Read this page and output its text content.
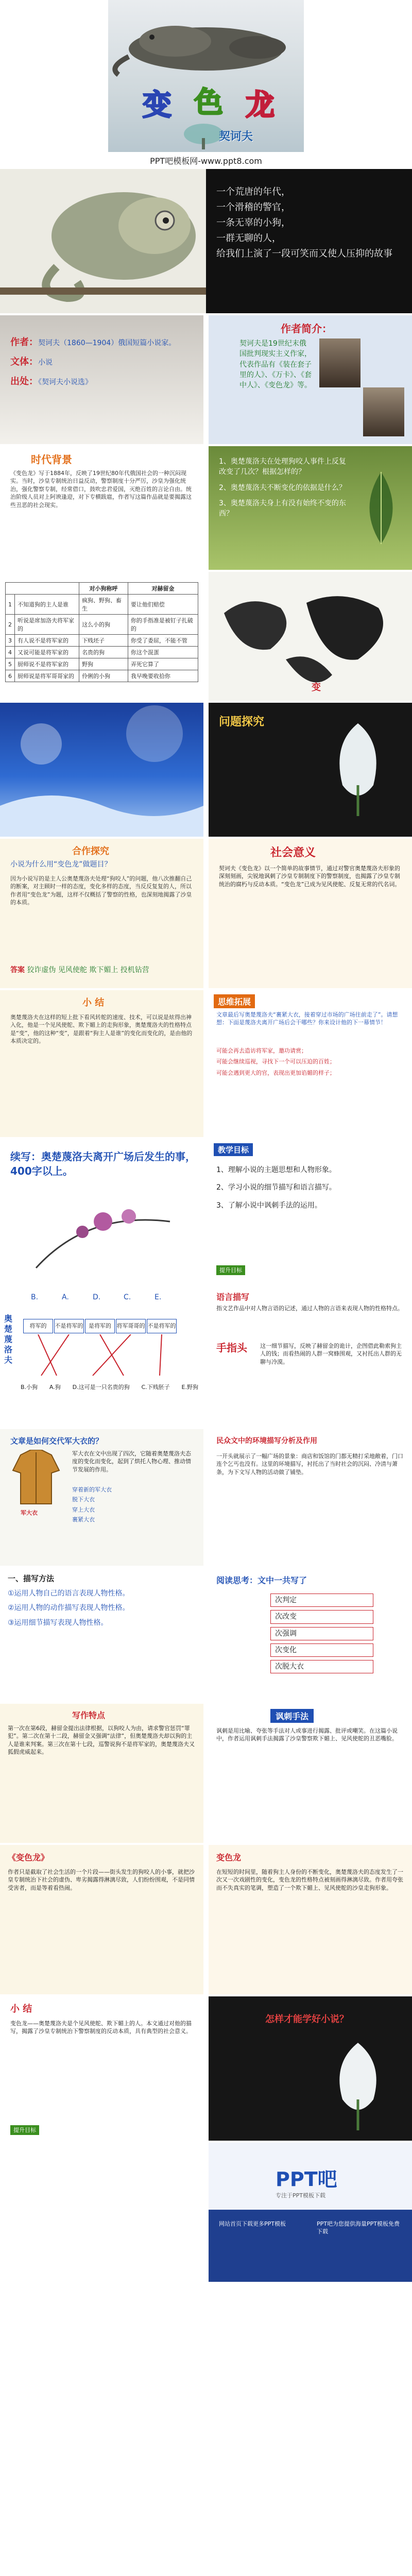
变 色 龙
契诃夫
PPT吧模板网-www.ppt8.com
一个荒唐的年代，
一个滑稽的警官，
一条无辜的小狗，
一群无聊的人，
给我们上演了一段可笑而又使人压抑的故事
作者：契诃夫（1860—1904）俄国短篇小说家。
文体：小说
出处：《契诃夫小说选》
作者简介：
契诃夫是19世纪末俄国批判现实主义作家，代表作品有《装在套子里的人》、《万卡》、《套中人》、《变色龙》等。
时代背景
《变色龙》写于1884年，反映了19世纪80年代俄国社会的一种沉闷现实。当时，沙皇专制统治日益反动，警察制度十分严厉，沙皇为强化统治，强化警察专制，经常借口，鼓吹忠君爱国，灭绝百姓的言论自由。统治阶级人员对上阿谀逢迎，对下专横跋扈，作者写这篇作品就是要揭露这些丑恶的社会现实。
1、奥楚蔑洛夫在处理狗咬人事件上反复改变了几次？根据怎样的？
2、奥楚蔑洛夫不断变化的依据是什么？
3、奥楚蔑洛夫身上有没有始终不变的东西？
		对小狗称呼	对赫留金
1	不知道狗的主人是谁	疯狗、野狗、畜生	要让他们赔偿
2	听说是席加洛夫将军家的	这么小的狗	你的手指准是被钉子扎破的
3	有人说不是将军家的	下贱坯子	你受了委屈，不能不管
4	又说可能是将军家的	名贵的狗	你这个混蛋
5	厨师说不是将军家的	野狗	弄死它算了
6	厨师说是将军哥哥家的	伶俐的小狗	我早晚要收拾你
变
问题探究
合作探究
小说为什么用“变色龙”做题目？
因为小说写的是主人公奥楚蔑洛夫处理“狗咬人”的问题，他八次推翻自己的断案，对主顾时一样的态度，变化多样的态度，当反反复复的人，所以作者用“变色龙”为题，这样不仅概括了警察的性格，也深刻地揭露了沙皇的本质。
答案 狡诈虚伪 见风使舵 欺下媚上 投机钻营
社会意义
契诃夫《变色龙》以一个简单的故事情节，通过对警官奥楚蔑洛夫形象的深刻刻画，尖锐地讽刺了沙皇专制制度下的警察制度，也揭露了沙皇专制统治的腐朽与反动本质。“变色龙”已成为见风使舵、反复无常的代名词。
小 结
奥楚蔑洛夫在这样的短上批下看风转舵的速度、技术，可以说是炫得出神入化，他是一个见风使舵、欺下媚上的走狗形象，奥楚蔑洛夫的性格特点是“变”，他的这种“变”，是跟着“狗主人是谁”的变化而变化的，是由他的本质决定的。
思维拓展
文章最后写奥楚蔑洛夫“裹紧大衣，接着穿过市场的广场往前走了”。请想想：下面是蔑洛夫离开广场后会干哪些？你来设计他的下一幕情节！
可能会再去造访将军家，邀功请赏；
可能会继续巡视，寻找下一个可以压迫的百姓；
可能会遇到更大的官，表现出更加谄媚的样子；
续写：奥楚蔑洛夫离开广场后发生的事，400字以上。
教学目标
1、理解小说的主题思想和人物形象。
2、学习小说的细节描写和语言描写。
3、了解小说中讽刺手法的运用。
提升目标
奥楚蔑洛夫
B.	A.	D.	C.	E.
将军的	不是将军的 是将军的 将军哥哥的 不是将军的
B.小狗 A.狗 D.这可是一只名贵的狗 C.下贱胚子 E.野狗
语言描写
指文艺作品中对人物言语的记述，通过人物的言语来表现人物的性格特点。
手指头 这一细节描写，反映了赫留金的诡计，企图借此勒索狗主人的钱；而看热闹的人群一窝蜂围观，又衬托出人群的无聊与冷漠。
文章是如何交代军大衣的？
军大衣在文中出现了四次，它随着奥楚蔑洛夫态度的变化而变化，起到了烘托人物心理、推动情节发展的作用。
军大衣
穿着新的军大衣
脱下大衣
穿上大衣
裹紧大衣
民众文中的环境描写分析及作用
一开头就展示了一幅广场的景象：商店和饭馆的门都无精打采地敞着，门口连个乞丐也没有。这里的环境描写，衬托出了当时社会的沉闷、冷清与萧条，为下文写人物的活动做了铺垫。
一、描写方法
①运用人物自己的语言表现人物性格。
②运用人物的动作描写表现人物性格。
③运用细节描写表现人物性格。
阅读思考：文中一共写了
次判定
次改变
次强调
次变化
次脱大衣
写作特点
第一次在第6段，赫留金提出法律根据，以狗咬人为由，请求警官惩罚“罪犯”。第二次在第十二段，赫留金又强调“法律”，但奥楚蔑洛夫却以狗的主人是谁来判案。第三次在第十七段，巡警说狗不是将军家的，奥楚蔑洛夫又狐假虎威起来。
讽刺手法
讽刺是用比喻、夸张等手法对人或事进行揭露、批评或嘲笑。在这篇小说中，作者运用讽刺手法揭露了沙皇警察欺下媚上、见风使舵的丑恶嘴脸。
《变色龙》
作者只是截取了社会生活的一个片段——街头发生的狗咬人的小事，就把沙皇专制统治下社会的虚伪、卑劣揭露得淋漓尽致，人们纷纷围观，不是同情受害者，而是等着看热闹。
变色龙
在短短的时间里，随着狗主人身份的不断变化，奥楚蔑洛夫的态度发生了一次又一次戏剧性的变化，变色龙的性格特点被刻画得淋漓尽致。作者用夸张而不失真实的笔调，塑造了一个欺下媚上、见风使舵的沙皇走狗形象。
小 结
变色龙——奥楚蔑洛夫是个见风使舵、欺下媚上的人。本文通过对他的描写，揭露了沙皇专制统治下警察制度的反动本质，具有典型的社会意义。
提升目标
怎样才能学好小说？
PPT吧
专注于PPT模板下载
网站首页下载更多PPT模板	PPT吧为您提供海量PPT模板免费下载
